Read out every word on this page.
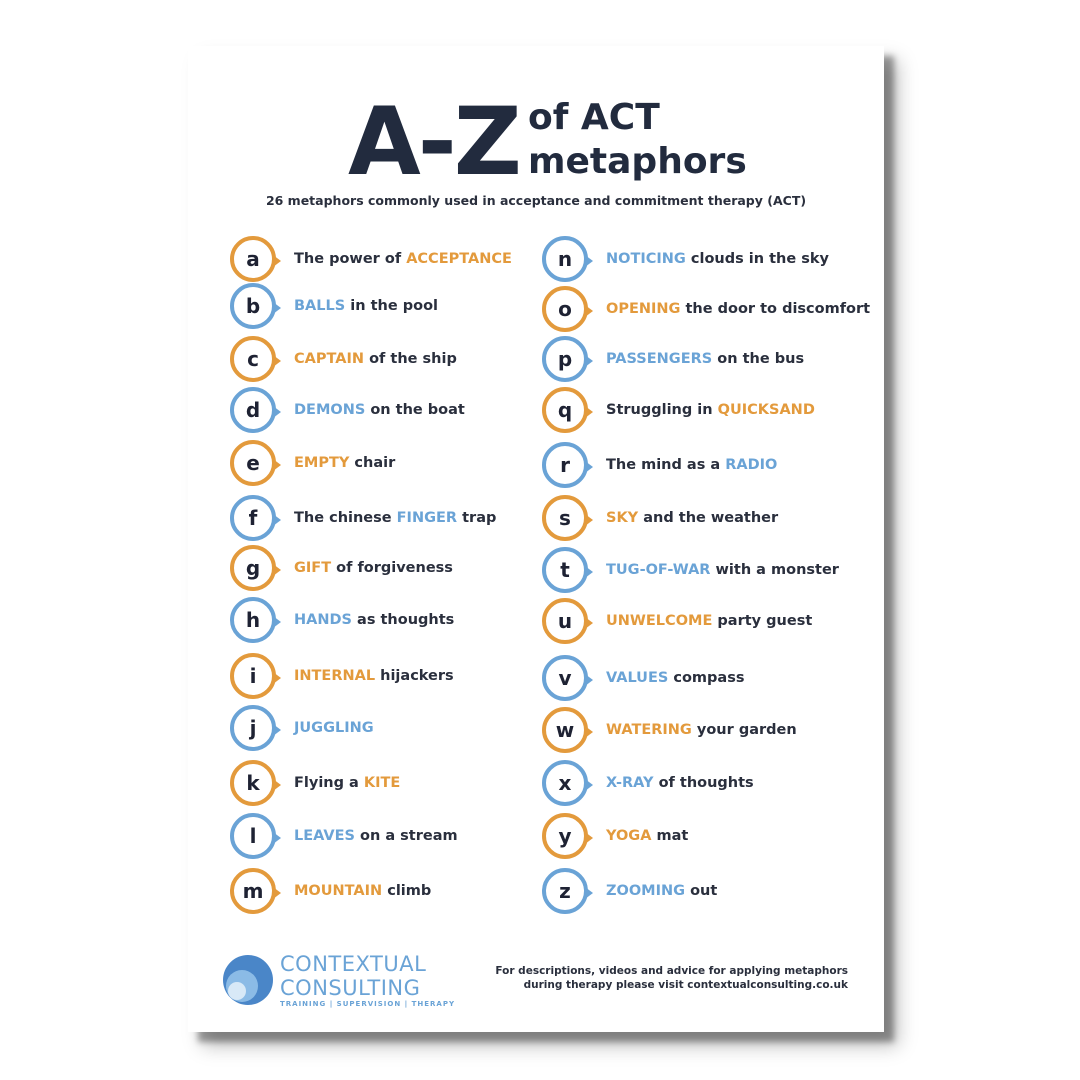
A-Z of ACT
metaphors
26 metaphors commonly used in acceptance and commitment therapy (ACT)
a The power of ACCEPTANCE
b BALLS in the pool
c CAPTAIN of the ship
d DEMONS on the boat
e EMPTY chair
f	The chinese FINGER trap
g GIFT of forgiveness
h HANDS as thoughts
i	INTERNAL hijackers
j	JUGGLING
k Flying a KITE
l	LEAVES on a stream
m MOUNTAIN climb
n NOTICING clouds in the sky
o OPENING the door to discomfort
p PASSENGERS on the bus
q Struggling in QUICKSAND
r The mind as a RADIO
s SKY and the weather
t TUG-OF-WAR with a monster
u UNWELCOME party guest
v VALUES compass
w WATERING your garden
x X-RAY of thoughts
y YOGA mat
z ZOOMING out
CONTEXTUAL
CONSULTING
TRAINING | SUPERVISION | THERAPY
For descriptions, videos and advice for applying metaphors
during therapy please visit contextualconsulting.co.uk
